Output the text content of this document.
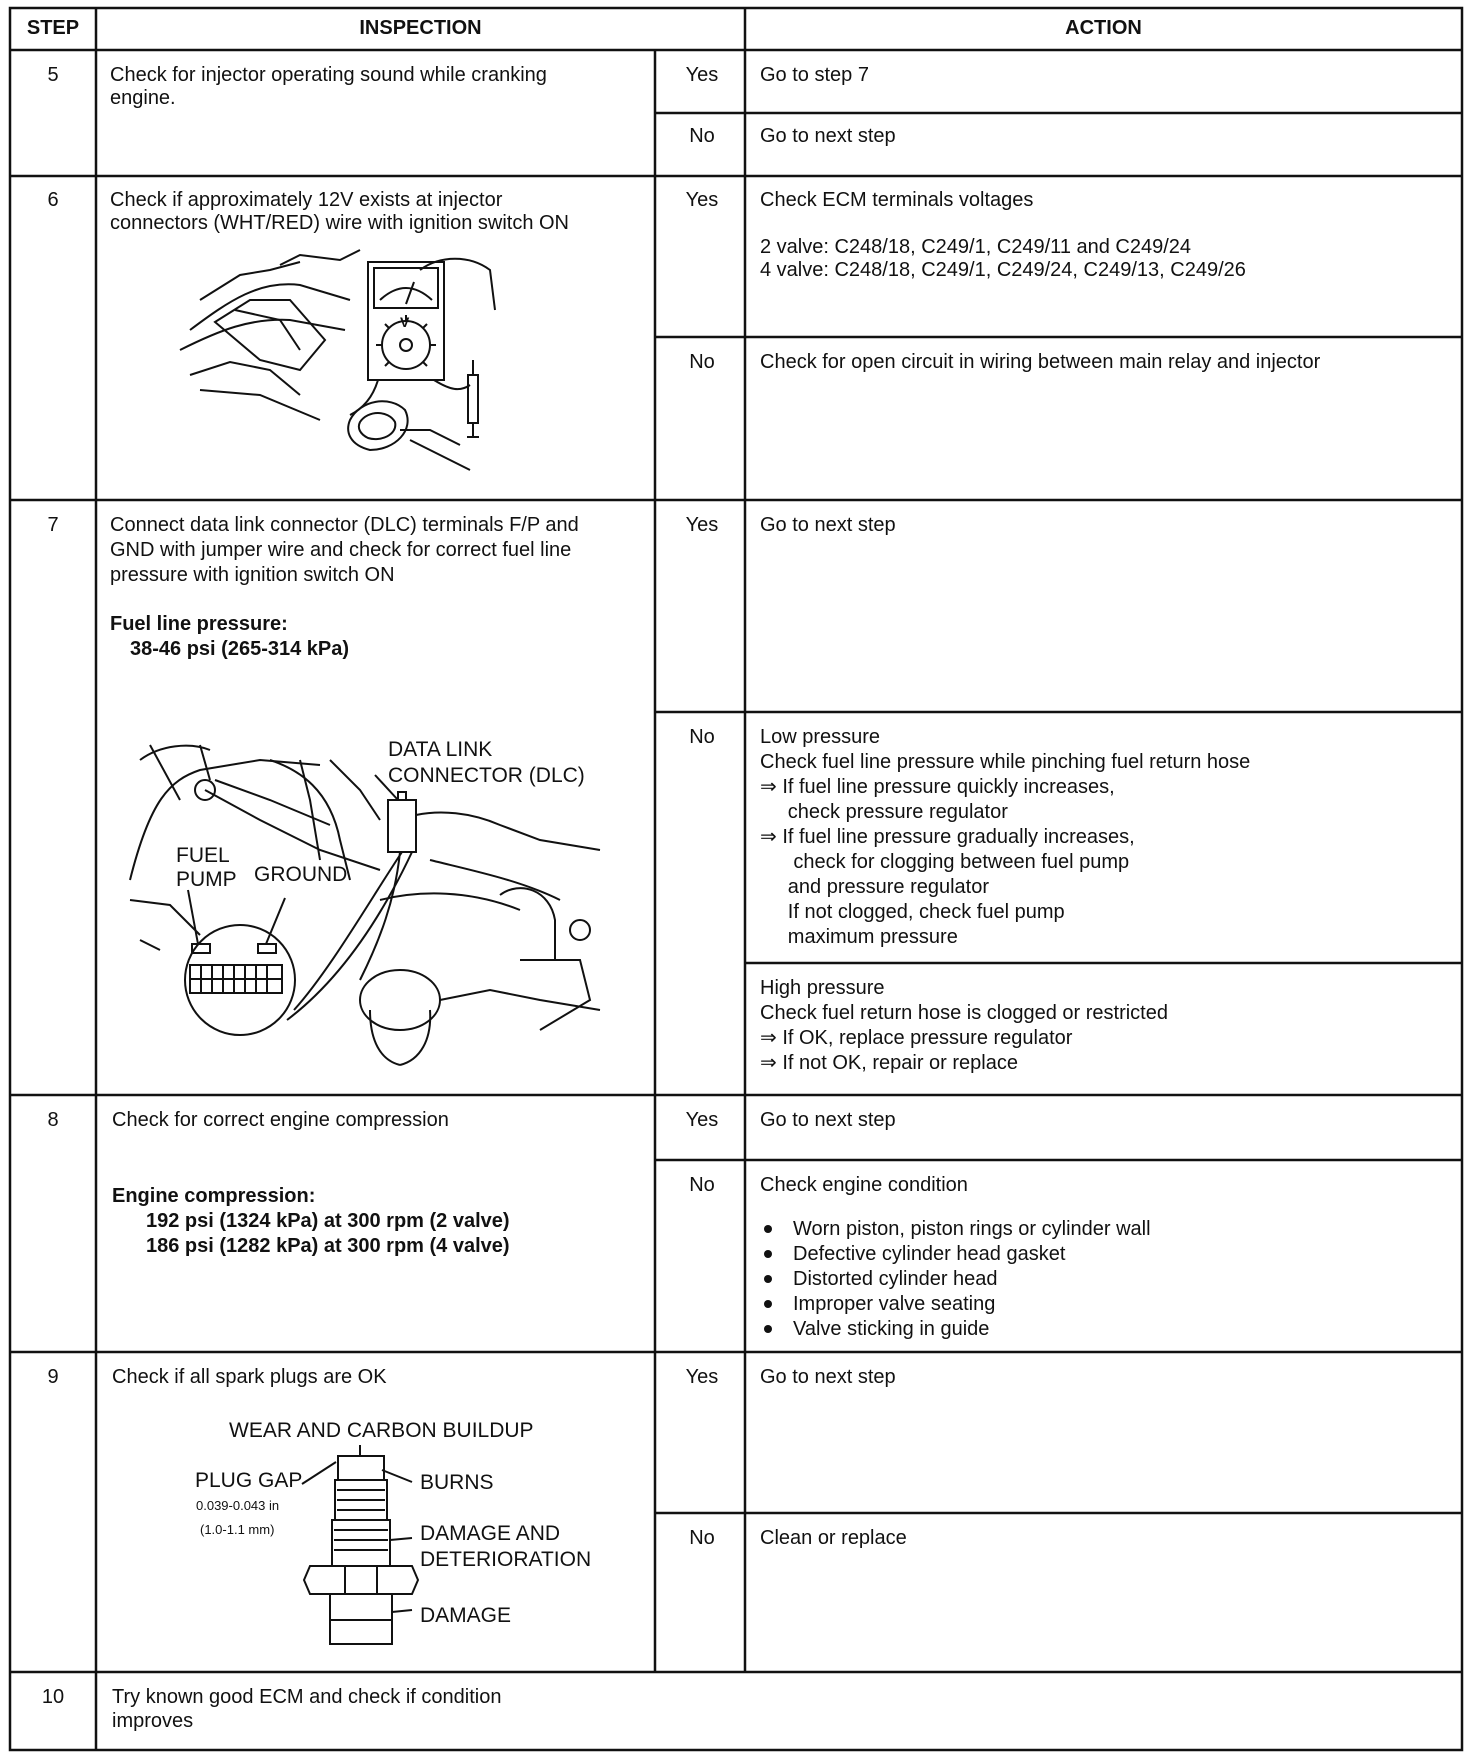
STEP	INSPECTION	ACTION
5	Check for injector operating sound while cranking
engine.
Yes	Go to step 7
No	Go to next step
6	Check if approximately 12V exists at injector
connectors (WHT/RED) wire with ignition switch ON
V
Yes	Check ECM terminals voltages
2 valve: C248/18, C249/1, C249/11 and C249/24
4 valve: C248/18, C249/1, C249/24, C249/13, C249/26
No	Check for open circuit in wiring between main relay and injector
7	Connect data link connector (DLC) terminals F/P and
GND with jumper wire and check for correct fuel line
pressure with ignition switch ON
Fuel line pressure:
38-46 psi (265-314 kPa)
DATA LINK
CONNECTOR (DLC)
FUEL
PUMP GROUND
Yes	Go to next step
No	Low pressure
Check fuel line pressure while pinching fuel return hose
⇒ If fuel line pressure quickly increases,
check pressure regulator
⇒ If fuel line pressure gradually increases,
check for clogging between fuel pump
and pressure regulator
If not clogged, check fuel pump
maximum pressure
High pressure
Check fuel return hose is clogged or restricted
⇒ If OK, replace pressure regulator
⇒ If not OK, repair or replace
8	Check for correct engine compression
Engine compression:
192 psi (1324 kPa) at 300 rpm (2 valve)
186 psi (1282 kPa) at 300 rpm (4 valve)
Yes	Go to next step
No	Check engine condition
Worn piston, piston rings or cylinder wall
Defective cylinder head gasket
Distorted cylinder head
Improper valve seating
Valve sticking in guide
9	Check if all spark plugs are OK
WEAR AND CARBON BUILDUP
PLUG GAP
0.039-0.043 in
(1.0-1.1 mm)
BURNS
DAMAGE AND
DETERIORATION
DAMAGE
Yes	Go to next step
No	Clean or replace
10	Try known good ECM and check if condition
improves
